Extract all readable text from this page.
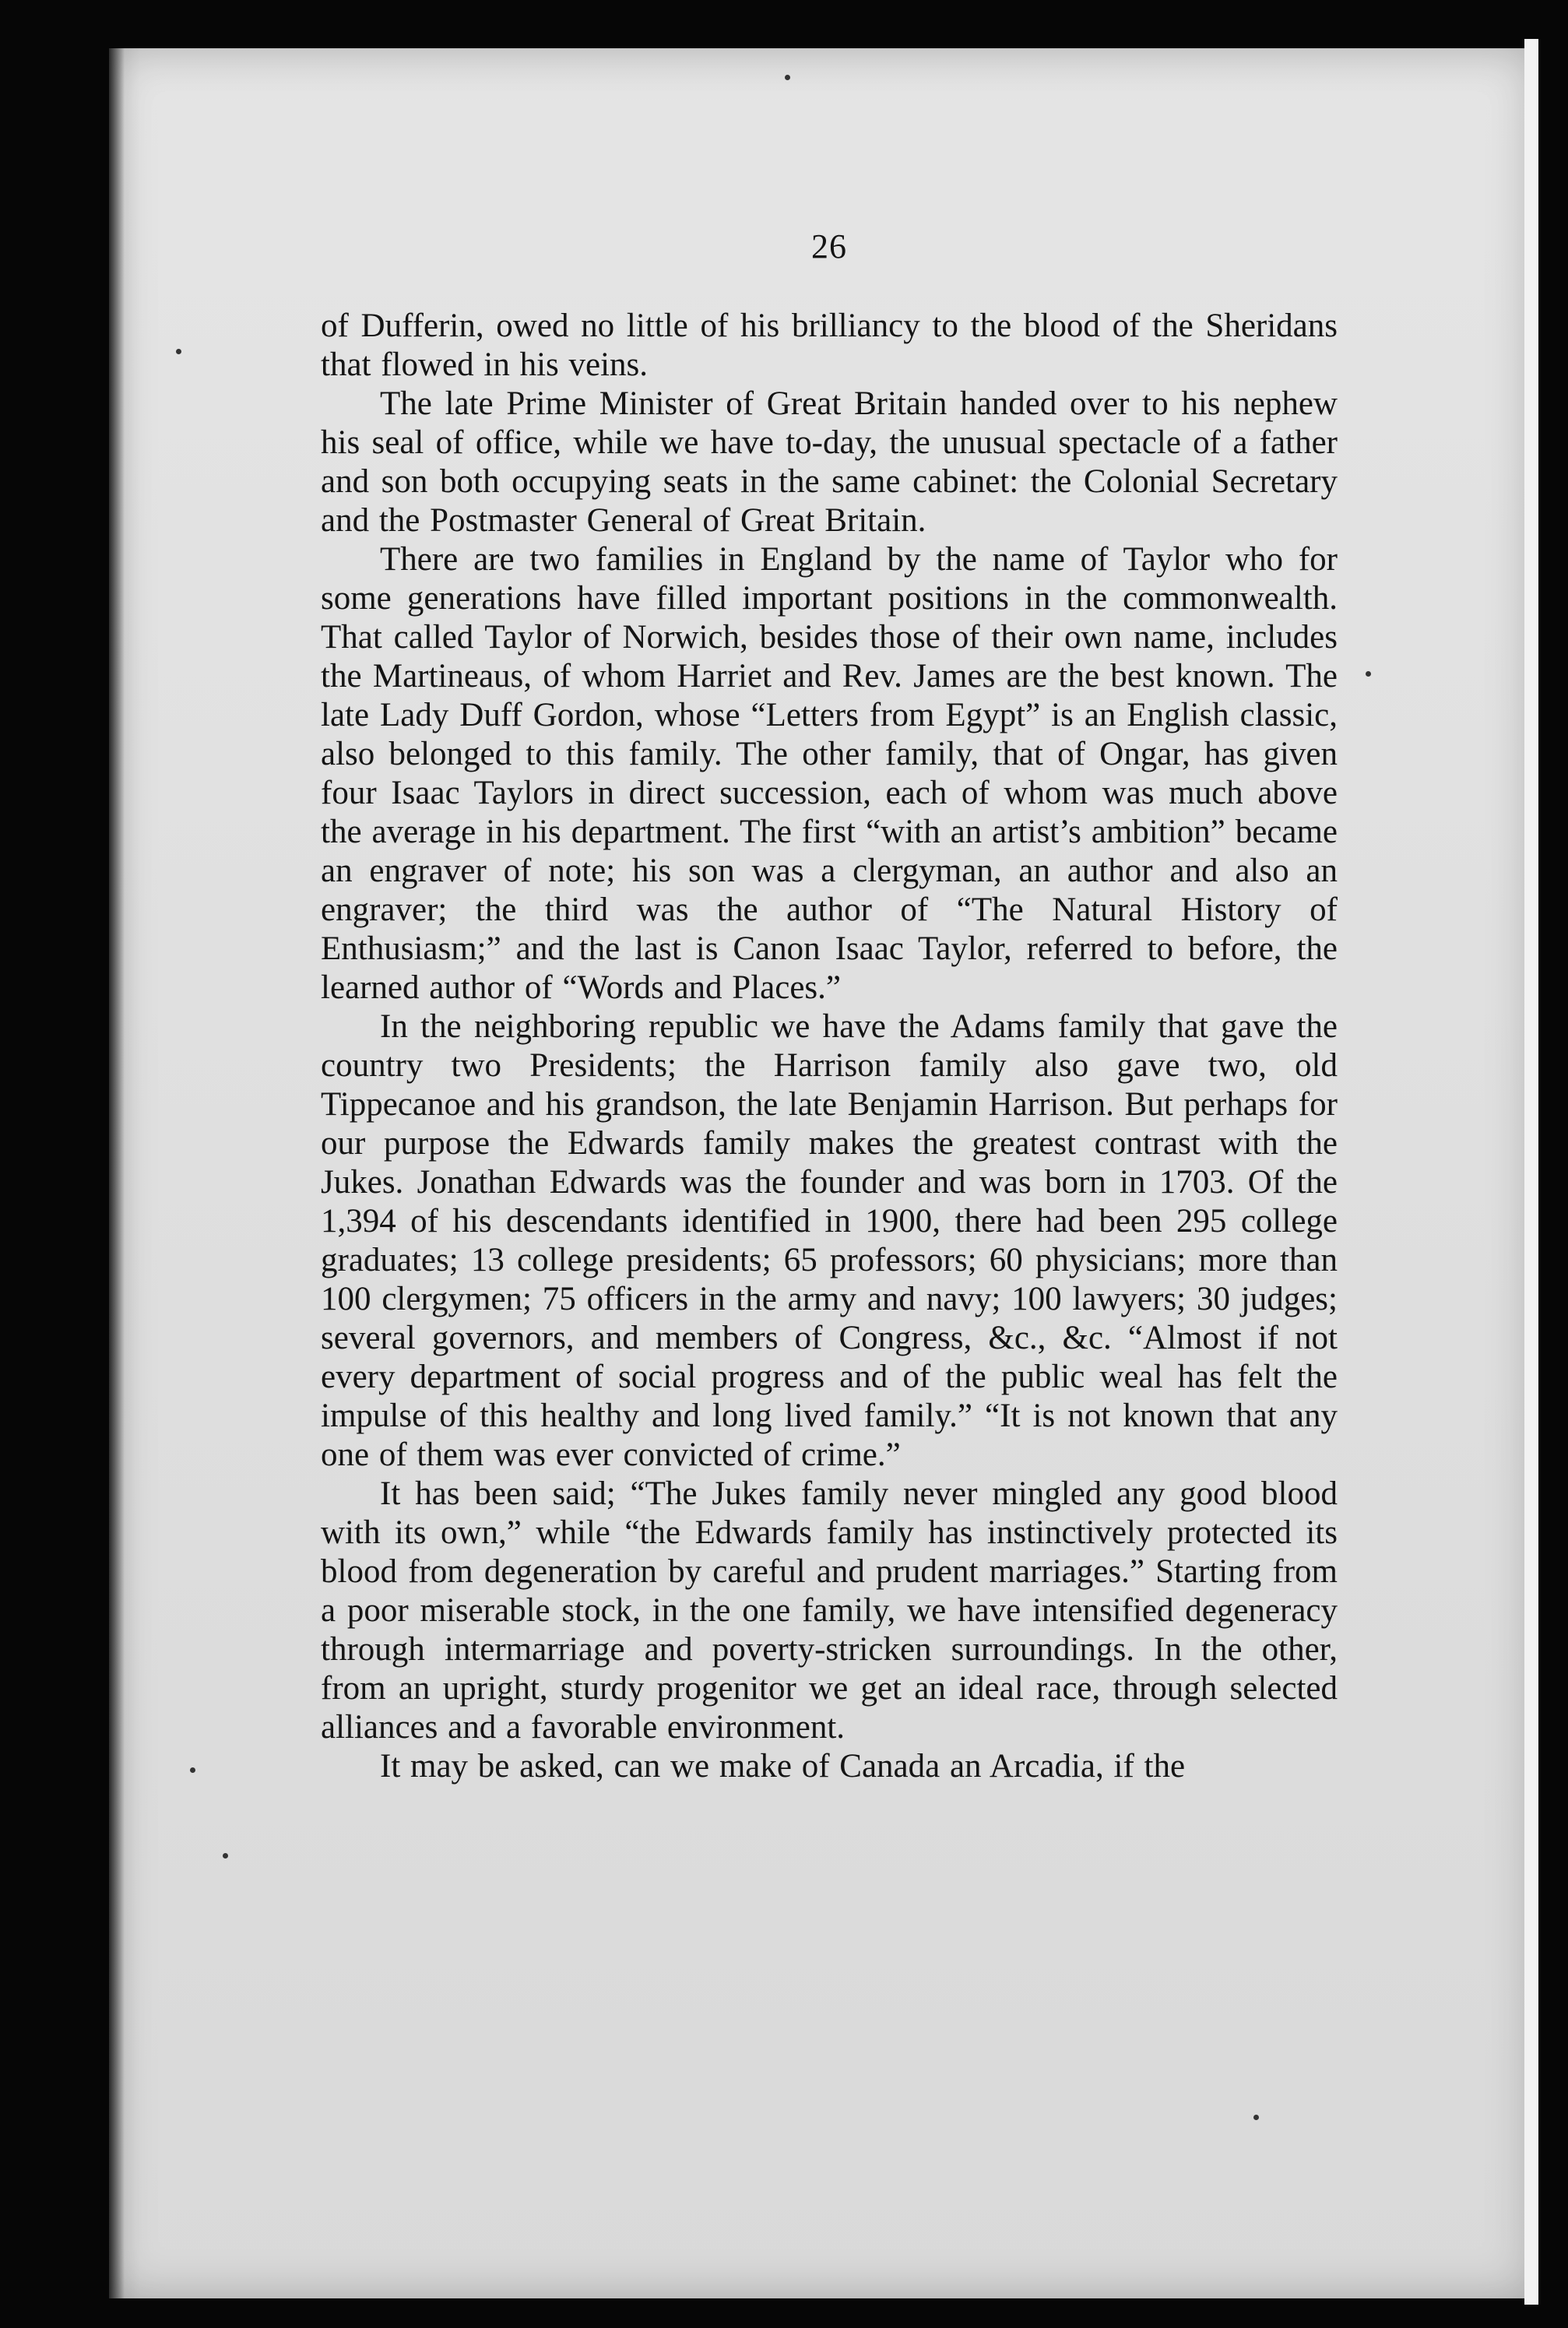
26

of Dufferin, owed no little of his brilliancy to the blood of the Sheridans that flowed in his veins.

The late Prime Minister of Great Britain handed over to his nephew his seal of office, while we have to-day, the unusual spectacle of a father and son both occupying seats in the same cabinet: the Colonial Secretary and the Postmaster General of Great Britain.

There are two families in England by the name of Taylor who for some generations have filled important positions in the commonwealth. That called Taylor of Norwich, besides those of their own name, includes the Martineaus, of whom Harriet and Rev. James are the best known. The late Lady Duff Gordon, whose “Letters from Egypt” is an English classic, also belonged to this family. The other family, that of Ongar, has given four Isaac Taylors in direct succession, each of whom was much above the average in his department. The first “with an artist’s ambition” became an engraver of note; his son was a clergyman, an author and also an engraver; the third was the author of “The Natural History of Enthusiasm;” and the last is Canon Isaac Taylor, referred to before, the learned author of “Words and Places.”

In the neighboring republic we have the Adams family that gave the country two Presidents; the Harrison family also gave two, old Tippecanoe and his grandson, the late Benjamin Harrison. But perhaps for our purpose the Edwards family makes the greatest contrast with the Jukes. Jonathan Edwards was the founder and was born in 1703. Of the 1,394 of his descendants identified in 1900, there had been 295 college graduates; 13 college presidents; 65 professors; 60 physicians; more than 100 clergymen; 75 officers in the army and navy; 100 lawyers; 30 judges; several governors, and members of Congress, &c., &c. “Almost if not every department of social progress and of the public weal has felt the impulse of this healthy and long lived family.” “It is not known that any one of them was ever convicted of crime.”

It has been said; “The Jukes family never mingled any good blood with its own,” while “the Edwards family has instinctively protected its blood from degeneration by careful and prudent marriages.” Starting from a poor miserable stock, in the one family, we have intensified degeneracy through intermarriage and poverty-stricken surroundings. In the other, from an upright, sturdy progenitor we get an ideal race, through selected alliances and a favorable environment.

It may be asked, can we make of Canada an Arcadia, if the
